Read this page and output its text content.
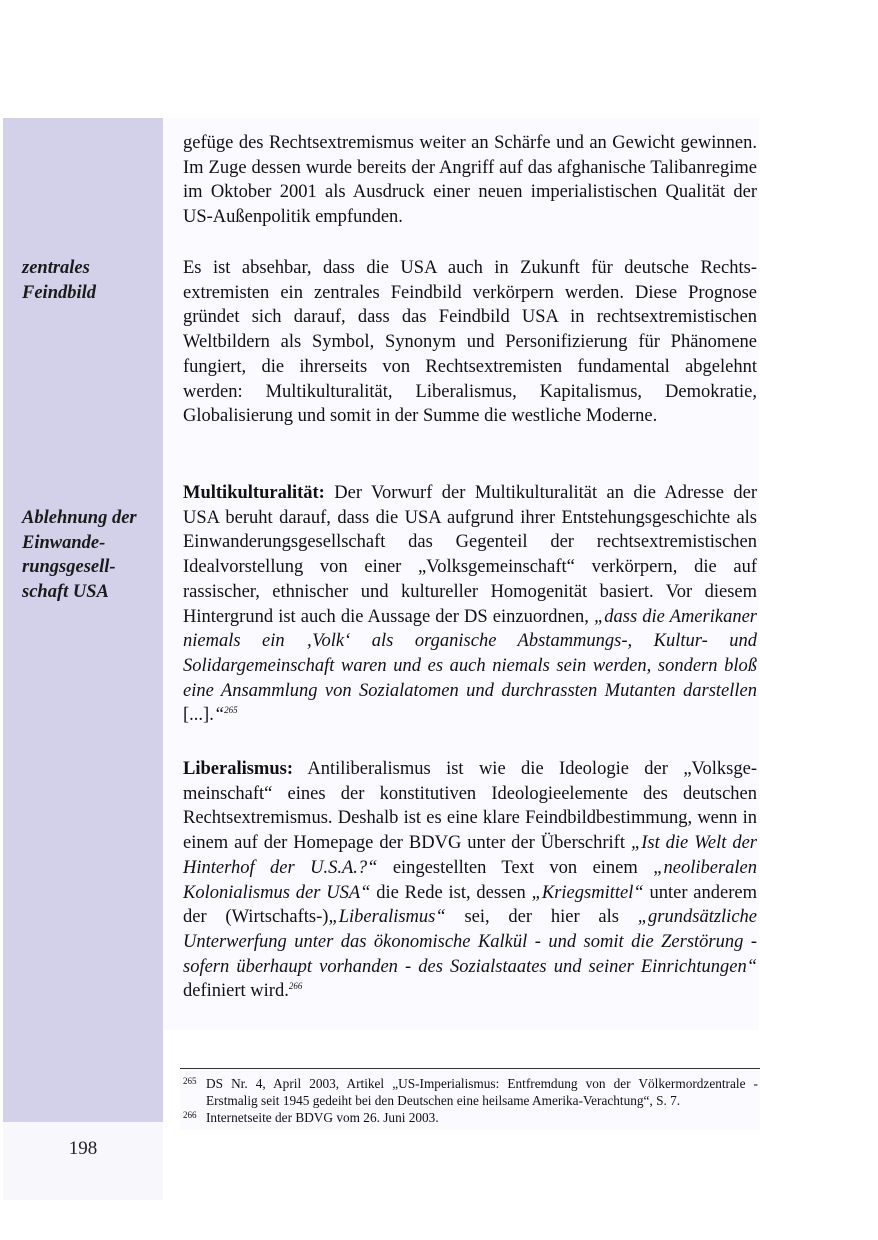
198
zentrales
Feindbild
Ablehnung der
Einwande-
rungsgesell-
schaft USA
gefüge des Rechtsextremismus weiter an Schärfe und an Gewicht gewinnen. Im Zuge dessen wurde bereits der Angriff auf das afghanische Talibanregime im Oktober 2001 als Ausdruck einer neuen imperialistischen Qualität der US-Außenpolitik empfunden.
Es ist absehbar, dass die USA auch in Zukunft für deutsche Rechtsextremisten ein zentrales Feindbild verkörpern werden. Diese Prognose gründet sich darauf, dass das Feindbild USA in rechtsextremistischen Weltbildern als Symbol, Synonym und Personifizierung für Phänomene fungiert, die ihrerseits von Rechtsextremisten fundamental abgelehnt werden: Multikulturalität, Liberalismus, Kapitalismus, Demokratie, Globalisierung und somit in der Summe die westliche Moderne.
Multikulturalität: Der Vorwurf der Multikulturalität an die Adresse der USA beruht darauf, dass die USA aufgrund ihrer Entstehungsgeschichte als Einwanderungsgesellschaft das Gegenteil der rechtsextremistischen Idealvorstellung von einer „Volksgemeinschaft“ verkörpern, die auf rassischer, ethnischer und kultureller Homogenität basiert. Vor diesem Hintergrund ist auch die Aussage der DS einzuordnen, „dass die Amerikaner niemals ein ‚Volk‘ als organische Abstammungs-, Kultur- und Solidargemeinschaft waren und es auch niemals sein werden, sondern bloß eine Ansammlung von Sozialatomen und durchrassten Mutanten darstellen [...].“$^{265}$
Liberalismus: Antiliberalismus ist wie die Ideologie der „Volksgemeinschaft“ eines der konstitutiven Ideologieelemente des deutschen Rechtsextremismus. Deshalb ist es eine klare Feindbildbestimmung, wenn in einem auf der Homepage der BDVG unter der Überschrift „Ist die Welt der Hinterhof der U.S.A.?“ eingestellten Text von einem „neoliberalen Kolonialismus der USA“ die Rede ist, dessen „Kriegsmittel“ unter anderem der (Wirtschafts-)„Liberalismus“ sei, der hier als „grundsätzliche Unterwerfung unter das ökonomische Kalkül - und somit die Zerstörung - sofern überhaupt vorhanden - des Sozialstaates und seiner Einrichtungen“ definiert wird.$^{266}$
265 DS Nr. 4, April 2003, Artikel „US-Imperialismus: Entfremdung von der Völkermordzentrale - Erstmalig seit 1945 gedeiht bei den Deutschen eine heilsame Amerika-Verachtung“, S. 7.
266 Internetseite der BDVG vom 26. Juni 2003.
